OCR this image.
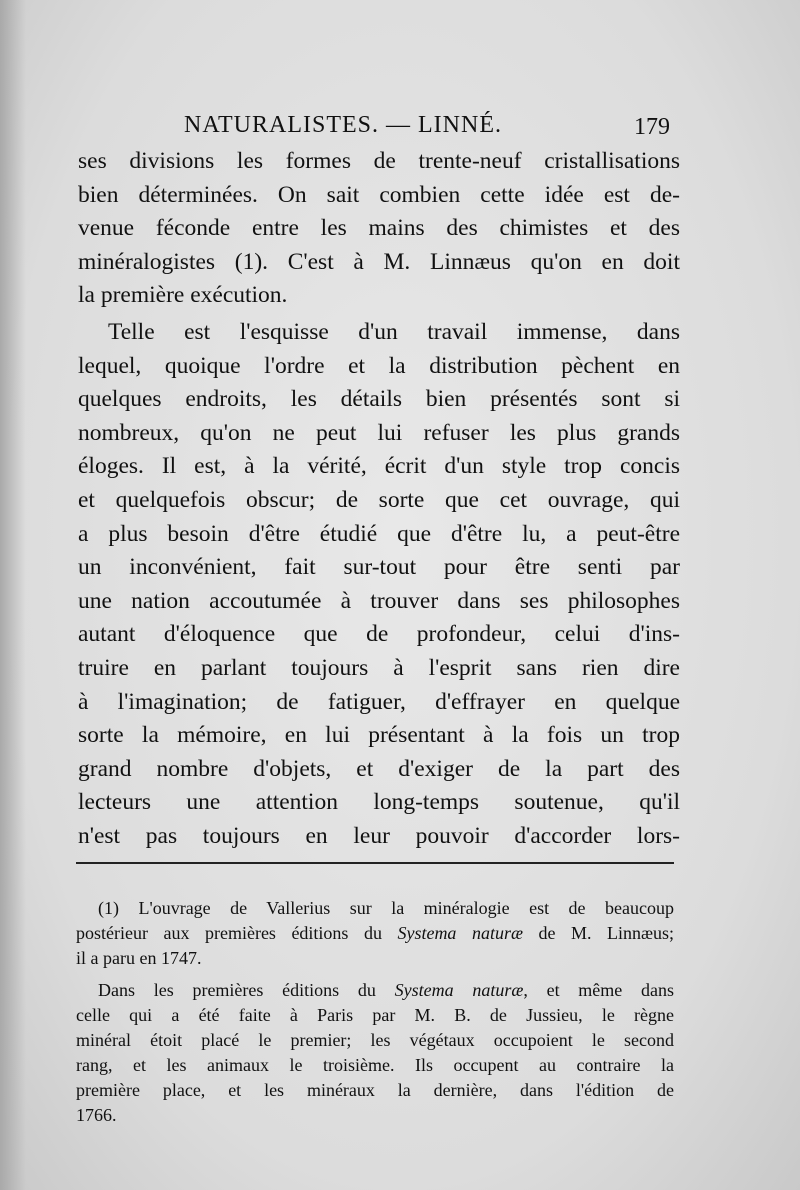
NATURALISTES. — LINNÉ.	179
ses divisions les formes de trente-neuf cristallisations
bien déterminées. On sait combien cette idée est de-
venue féconde entre les mains des chimistes et des
minéralogistes (1). C'est à M. Linnæus qu'on en doit
la première exécution.
Telle est l'esquisse d'un travail immense, dans
lequel, quoique l'ordre et la distribution pèchent en
quelques endroits, les détails bien présentés sont si
nombreux, qu'on ne peut lui refuser les plus grands
éloges. Il est, à la vérité, écrit d'un style trop concis
et quelquefois obscur; de sorte que cet ouvrage, qui
a plus besoin d'être étudié que d'être lu, a peut-être
un inconvénient, fait sur-tout pour être senti par
une nation accoutumée à trouver dans ses philosophes
autant d'éloquence que de profondeur, celui d'ins-
truire en parlant toujours à l'esprit sans rien dire
à l'imagination; de fatiguer, d'effrayer en quelque
sorte la mémoire, en lui présentant à la fois un trop
grand nombre d'objets, et d'exiger de la part des
lecteurs une attention long-temps soutenue, qu'il
n'est pas toujours en leur pouvoir d'accorder lors-
(1) L'ouvrage de Vallerius sur la minéralogie est de beaucoup
postérieur aux premières éditions du Systema naturæ de M. Linnæus;
il a paru en 1747.
Dans les premières éditions du Systema naturæ, et même dans
celle qui a été faite à Paris par M. B. de Jussieu, le règne
minéral étoit placé le premier; les végétaux occupoient le second
rang, et les animaux le troisième. Ils occupent au contraire la
première place, et les minéraux la dernière, dans l'édition de
1766.
